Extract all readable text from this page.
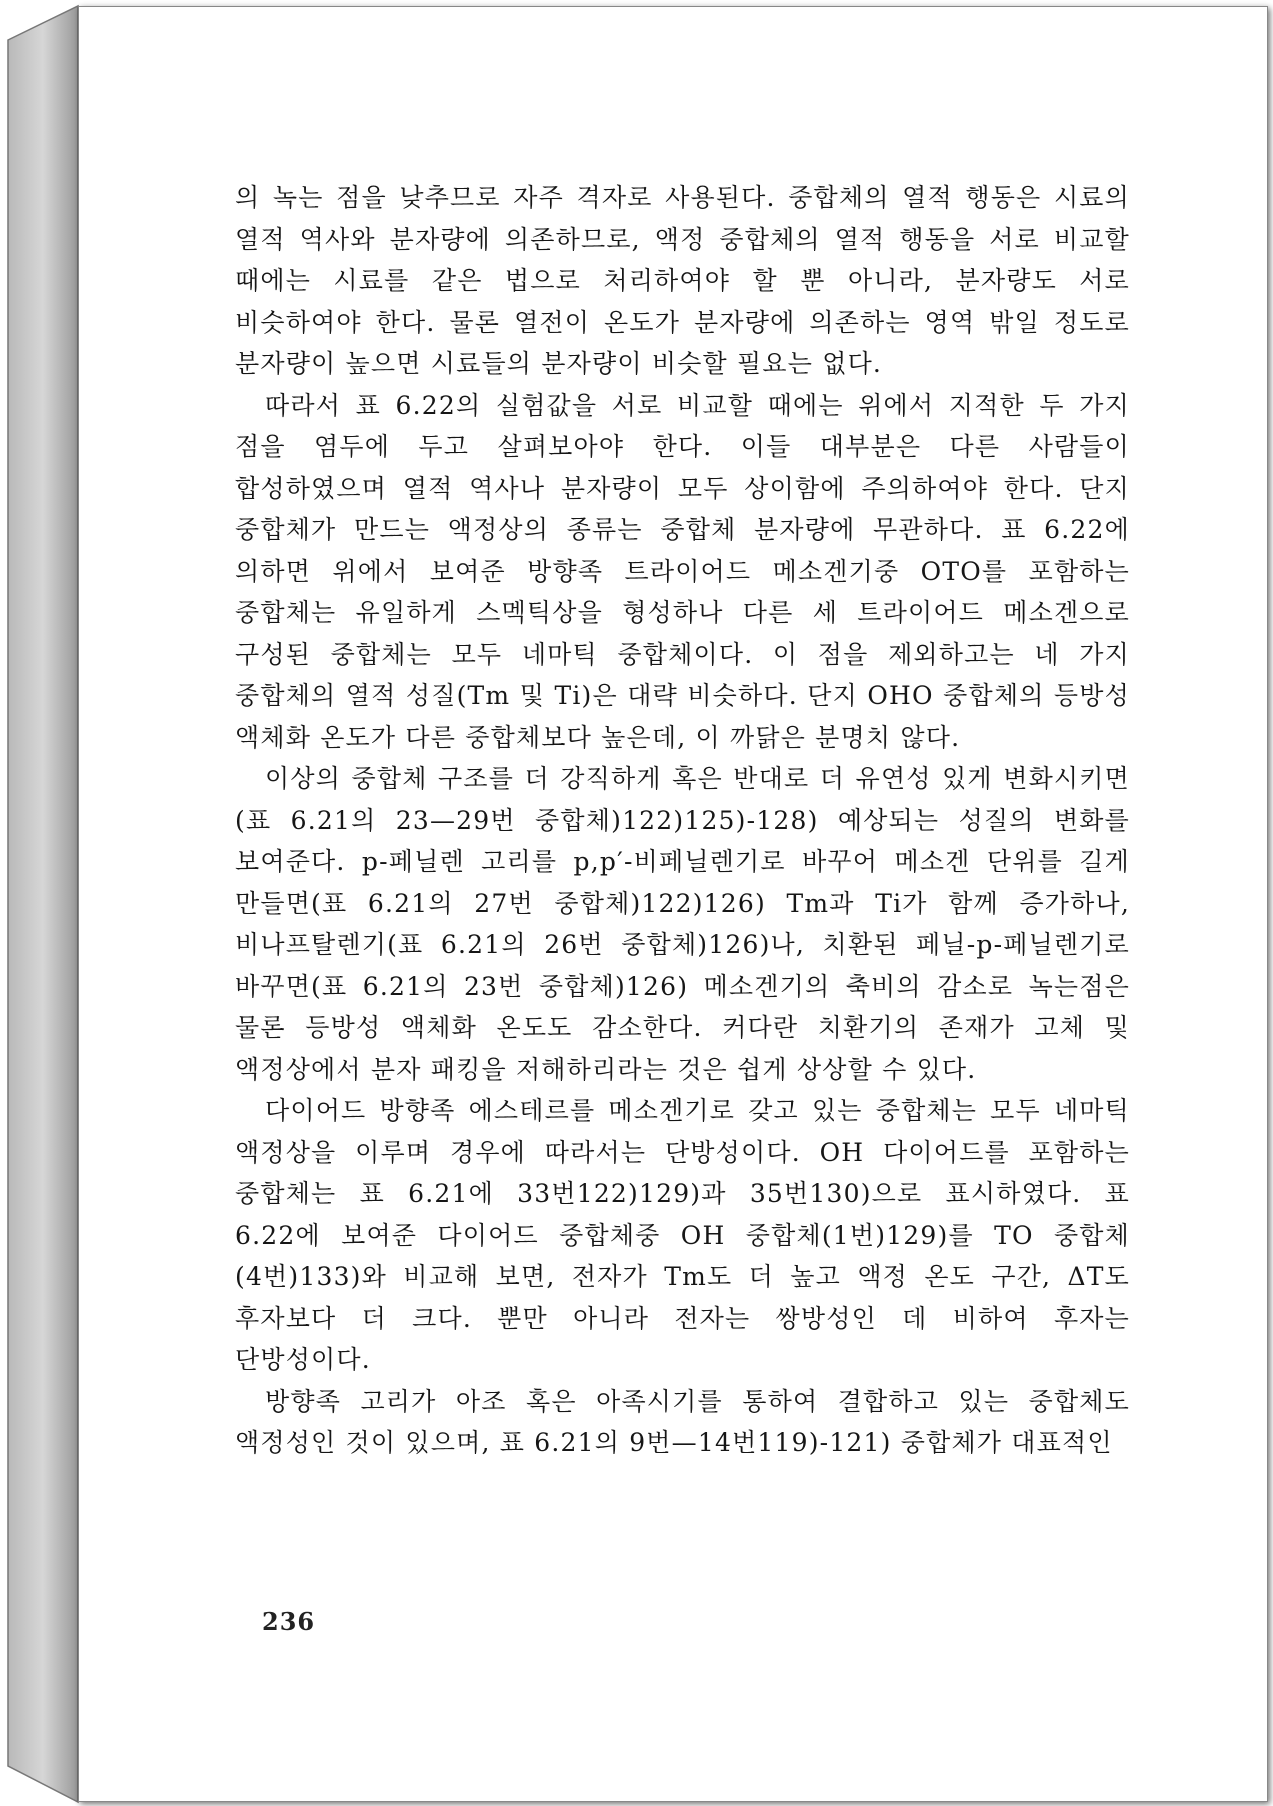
의 녹는 점을 낮추므로 자주 격자로 사용된다. 중합체의 열적 행동은 시료의 열적 역사와 분자량에 의존하므로, 액정 중합체의 열적 행동을 서로 비교할 때에는 시료를 같은 법으로 처리하여야 할 뿐 아니라, 분자량도 서로 비슷하여야 한다. 물론 열전이 온도가 분자량에 의존하는 영역 밖일 정도로 분자량이 높으면 시료들의 분자량이 비슷할 필요는 없다.

따라서 표 6.22의 실험값을 서로 비교할 때에는 위에서 지적한 두 가지 점을 염두에 두고 살펴보아야 한다. 이들 대부분은 다른 사람들이 합성하였으며 열적 역사나 분자량이 모두 상이함에 주의하여야 한다. 단지 중합체가 만드는 액정상의 종류는 중합체 분자량에 무관하다. 표 6.22에 의하면 위에서 보여준 방향족 트라이어드 메소겐기중 OTO를 포함하는 중합체는 유일하게 스멕틱상을 형성하나 다른 세 트라이어드 메소겐으로 구성된 중합체는 모두 네마틱 중합체이다. 이 점을 제외하고는 네 가지 중합체의 열적 성질(Tm 및 Ti)은 대략 비슷하다. 단지 OHO 중합체의 등방성 액체화 온도가 다른 중합체보다 높은데, 이 까닭은 분명치 않다.

이상의 중합체 구조를 더 강직하게 혹은 반대로 더 유연성 있게 변화시키면(표 6.21의 23—29번 중합체)122)125)-128) 예상되는 성질의 변화를 보여준다. p-페닐렌 고리를 p,p′-비페닐렌기로 바꾸어 메소겐 단위를 길게 만들면(표 6.21의 27번 중합체)122)126) Tm과 Ti가 함께 증가하나, 비나프탈렌기(표 6.21의 26번 중합체)126)나, 치환된 페닐-p-페닐렌기로 바꾸면(표 6.21의 23번 중합체)126) 메소겐기의 축비의 감소로 녹는점은 물론 등방성 액체화 온도도 감소한다. 커다란 치환기의 존재가 고체 및 액정상에서 분자 패킹을 저해하리라는 것은 쉽게 상상할 수 있다.

다이어드 방향족 에스테르를 메소겐기로 갖고 있는 중합체는 모두 네마틱 액정상을 이루며 경우에 따라서는 단방성이다. OH 다이어드를 포함하는 중합체는 표 6.21에 33번122)129)과 35번130)으로 표시하였다. 표 6.22에 보여준 다이어드 중합체중 OH 중합체(1번)129)를 TO 중합체(4번)133)와 비교해 보면, 전자가 Tm도 더 높고 액정 온도 구간, ΔT도 후자보다 더 크다. 뿐만 아니라 전자는 쌍방성인 데 비하여 후자는 단방성이다.

방향족 고리가 아조 혹은 아족시기를 통하여 결합하고 있는 중합체도 액정성인 것이 있으며, 표 6.21의 9번—14번119)-121) 중합체가 대표적인

236
